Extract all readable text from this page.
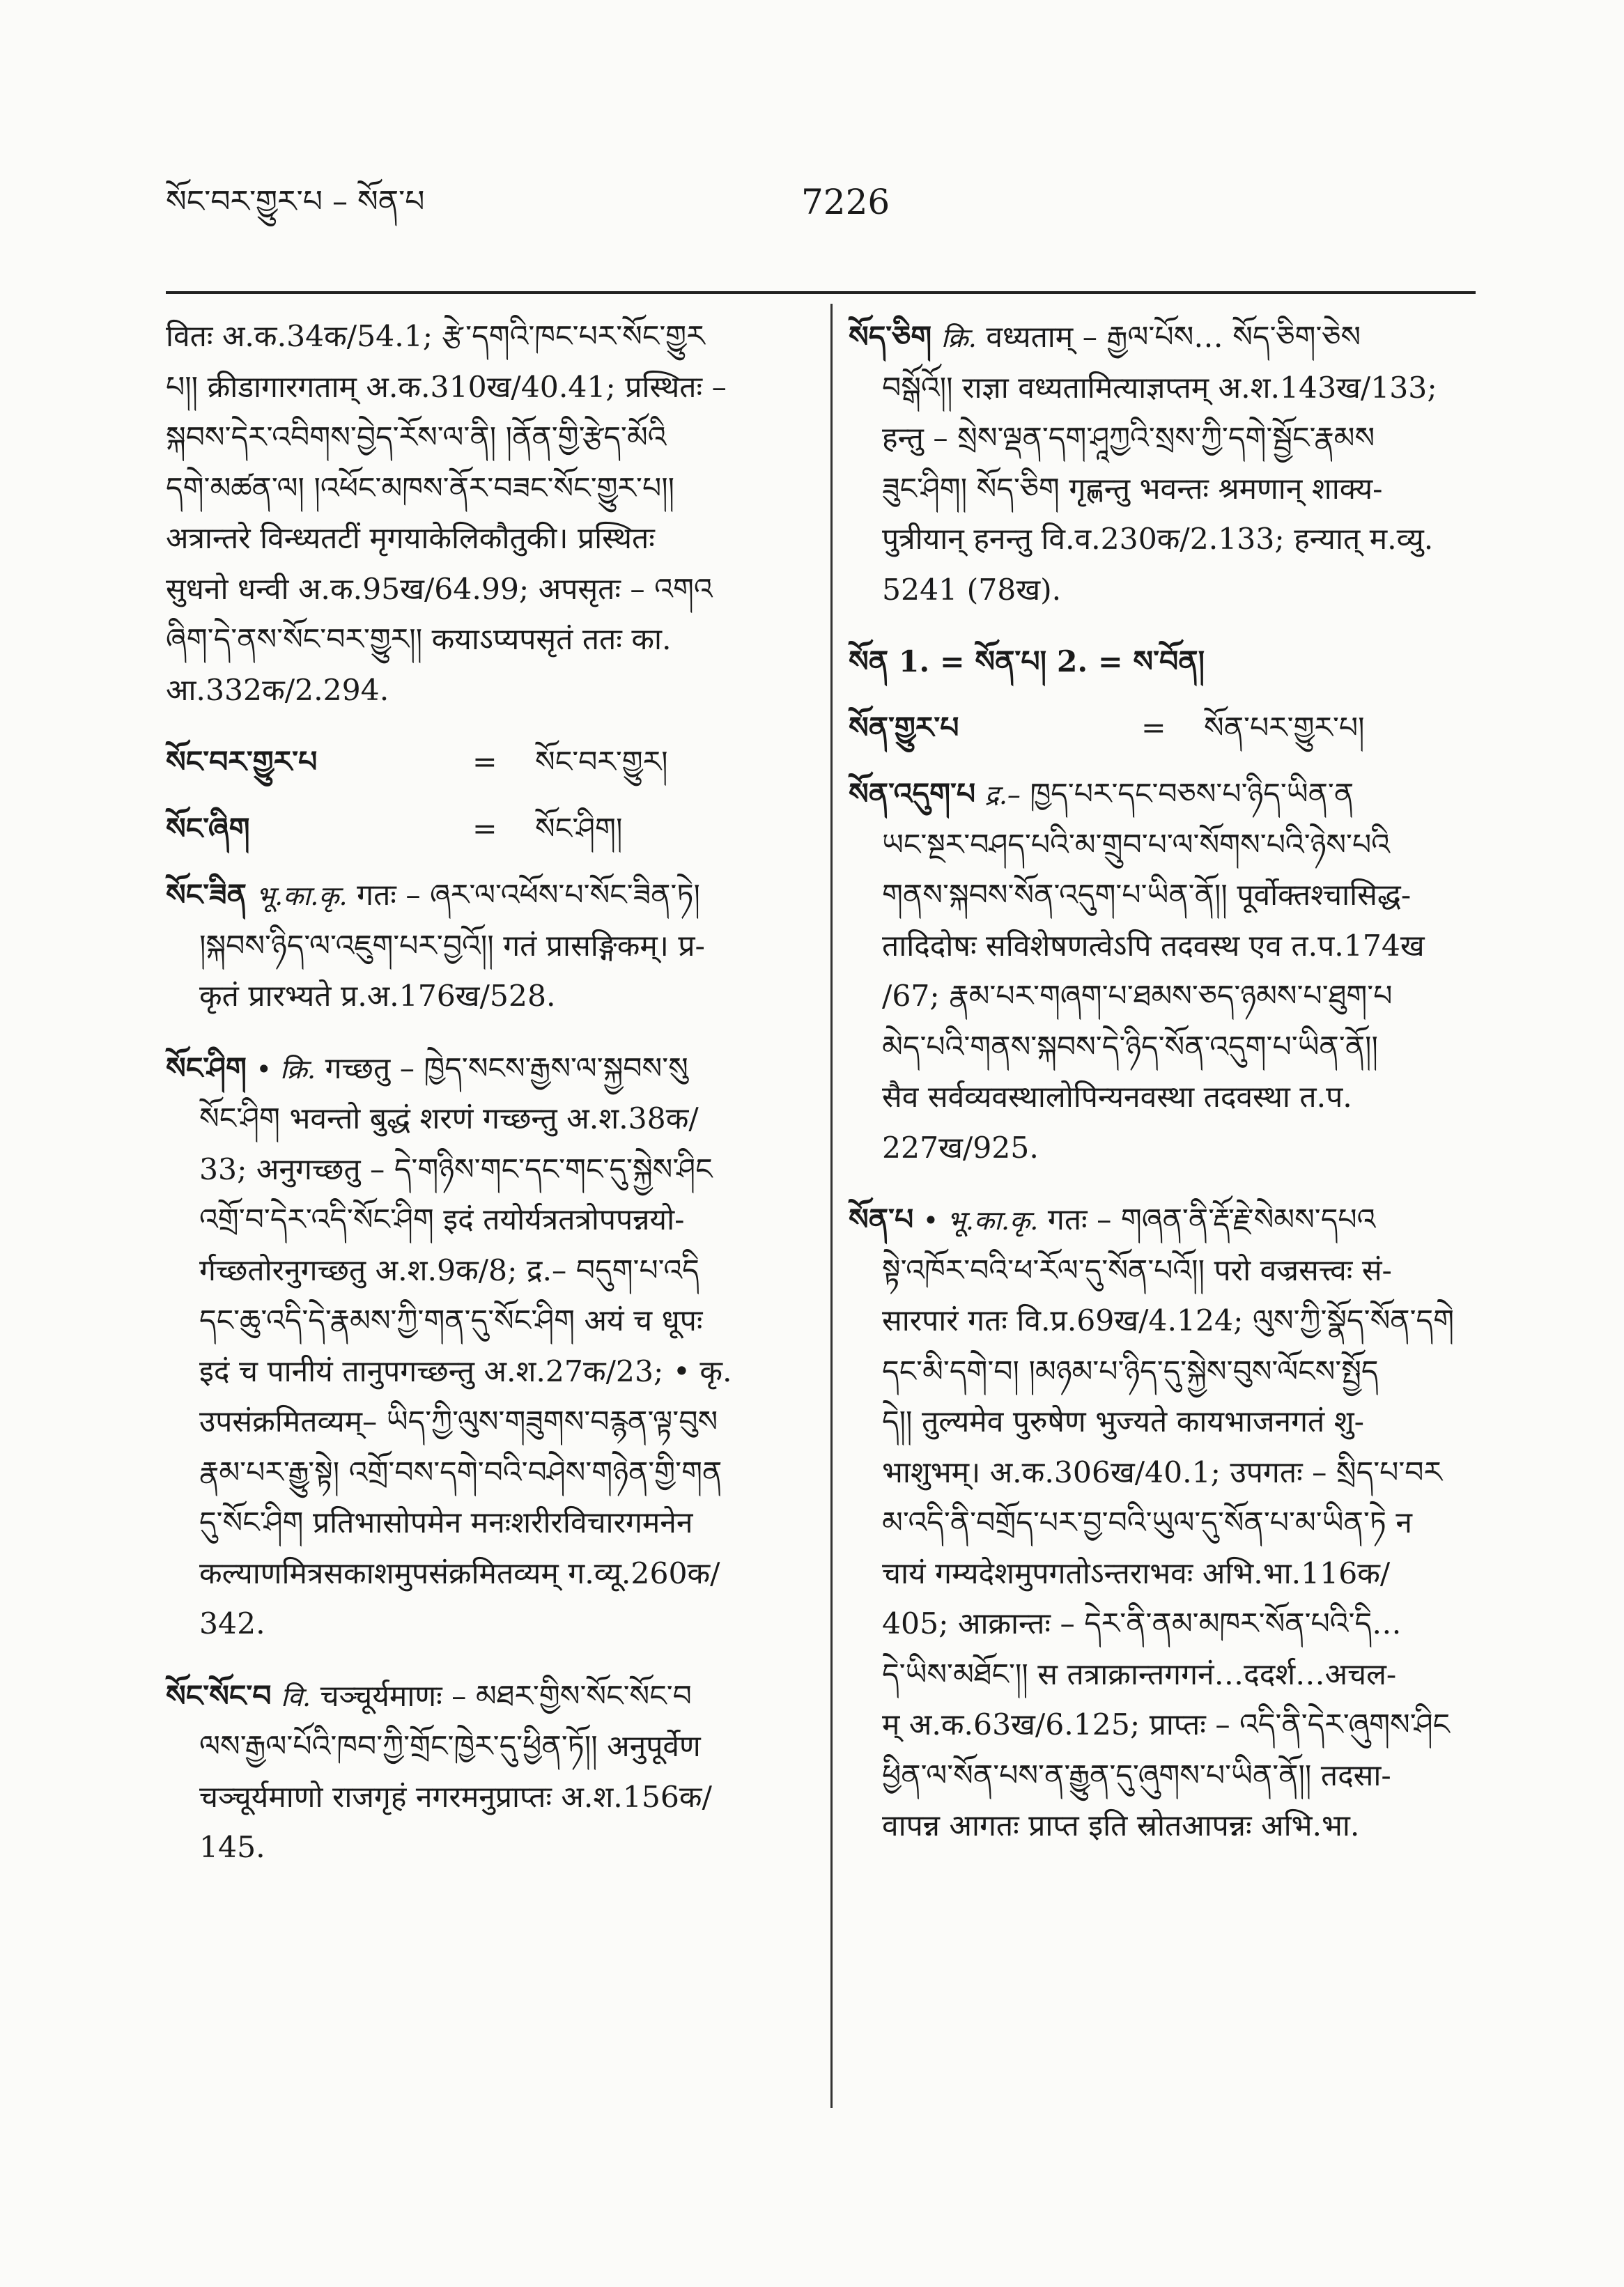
སོང་བར་གྱུར་པ – སོན་པ	7226

वितः अ.क.34क/54.1; རྩེ་དགའི་ཁང་པར་སོང་གྱུར

པ།། क्रीडागारगताम् अ.क.310ख/40.41; प्रस्थितः –

སྐབས་དེར་འབིགས་བྱེད་རོས་ལ་ནི། །ནོན་གྱི་རྩེད་མོའི

དགེ་མཚན་ལ། །འཕོང་མཁས་ནོར་བཟང་སོང་གྱུར་པ།།

अत्रान्तरे विन्ध्यतटीं मृगयाकेलिकौतुकी। प्रस्थितः

सुधनो धन्वी अ.क.95ख/64.99; अपसृतः – འགའ

ཞིག་དེ་ནས་སོང་བར་གྱུར།། कयाऽप्यपसृतं ततः का.

आ.332क/2.294.

སོང་བར་གྱུར་པ	=	སོང་བར་གྱུར།
སོང་ཞིག	=	སོང་ཤིག།

སོང་ཟིན भू.का.कृ. गतः – ཞར་ལ་འཕོས་པ་སོང་ཟིན་ཏེ།

།སྐབས་ཉིད་ལ་འཇུག་པར་བྱའོ།། गतं प्रासङ्गिकम्। प्र-

कृतं प्रारभ्यते प्र.अ.176ख/528.

སོང་ཤིག • क्रि. गच्छतु – ཁྱེད་སངས་རྒྱས་ལ་སྐྱབས་སུ

སོང་ཤིག भवन्तो बुद्धं शरणं गच्छन्तु अ.श.38क/

33; अनुगच्छतु – དེ་གཉིས་གང་དང་གང་དུ་སྐྱེས་ཤིང

འགྲོ་བ་དེར་འདི་སོང་ཤིག इदं तयोर्यत्रतत्रोपपन्नयो-

र्गच्छतोरनुगच्छतु अ.श.9क/8; द्र.– བདུག་པ་འདི

དང་ཆུ་འདི་དེ་རྣམས་ཀྱི་གན་དུ་སོང་ཤིག अयं च धूपः

इदं च पानीयं तानुपगच्छन्तु अ.श.27क/23; • कृ.

उपसंक्रमितव्यम्– ཡིད་ཀྱི་ལུས་གཟུགས་བརྙན་ལྟ་བུས

རྣམ་པར་རྒྱུ་སྟེ། འགྲོ་བས་དགེ་བའི་བཤེས་གཉེན་གྱི་གན

དུ་སོང་ཤིག प्रतिभासोपमेन मनःशरीरविचारगमनेन

कल्याणमित्रसकाशमुपसंक्रमितव्यम् ग.व्यू.260क/

342.

སོང་སོང་བ वि. चञ्चूर्यमाणः – མཐར་གྱིས་སོང་སོང་བ

ལས་རྒྱལ་པོའི་ཁབ་ཀྱི་གྲོང་ཁྱེར་དུ་ཕྱིན་ཏོ།། अनुपूर्वेण

चञ्चूर्यमाणो राजगृहं नगरमनुप्राप्तः अ.श.156क/

145.

སོད་ཅིག क्रि. वध्यताम् – རྒྱལ་པོས… སོད་ཅིག་ཅེས

བསྒོའོ།། राज्ञा वध्यतामित्याज्ञप्तम् अ.श.143ख/133;

हन्तु – སྲེས་ལྡན་དག་ཤཱཀྱའི་སྲས་ཀྱི་དགེ་སྦྱོང་རྣམས

ཟུང་ཤིག། སོད་ཅིག गृह्णन्तु भवन्तः श्रमणान् शाक्य-

पुत्रीयान् हनन्तु वि.व.230क/2.133; हन्यात् म.व्यु.

5241 (78ख).

སོན 1. = སོན་པ། 2. = ས་བོན།
སོན་གྱུར་པ	=	སོན་པར་གྱུར་པ།

སོན་འདུག་པ द्र.– ཁྱད་པར་དང་བཅས་པ་ཉིད་ཡིན་ན

ཡང་སྔར་བཤད་པའི་མ་གྲུབ་པ་ལ་སོགས་པའི་ཉེས་པའི

གནས་སྐབས་སོན་འདུག་པ་ཡིན་ནོ།། पूर्वोक्तश्चासिद्ध-

तादिदोषः सविशेषणत्वेऽपि तदवस्थ एव त.प.174ख

/67; རྣམ་པར་གཞག་པ་ཐམས་ཅད་ཉམས་པ་ཐུག་པ

མེད་པའི་གནས་སྐབས་དེ་ཉིད་སོན་འདུག་པ་ཡིན་ནོ།།

सैव सर्वव्यवस्थालोपिन्यनवस्था तदवस्था त.प.

227ख/925.

སོན་པ • भू.का.कृ. गतः – གཞན་ནི་རྡོ་རྗེ་སེམས་དཔའ

སྟེ་འཁོར་བའི་ཕ་རོལ་དུ་སོན་པའོ།། परो वज्रसत्त्वः सं-

सारपारं गतः वि.प्र.69ख/4.124; ལུས་ཀྱི་སྣོད་སོན་དགེ

དང་མི་དགེ་བ། །མཉམ་པ་ཉིད་དུ་སྐྱེས་བུས་ལོངས་སྤྱོད

དེ།། तुल्यमेव पुरुषेण भुज्यते कायभाजनगतं शु-

भाशुभम्। अ.क.306ख/40.1; उपगतः – སྲིད་པ་བར

མ་འདི་ནི་བགྲོད་པར་བྱ་བའི་ཡུལ་དུ་སོན་པ་མ་ཡིན་ཏེ न

चायं गम्यदेशमुपगतोऽन्तराभवः अभि.भा.116क/

405; आक्रान्तः – དེར་ནི་ནམ་མཁར་སོན་པའི་དི…

དེ་ཡིས་མཐོང་།། स तत्राक्रान्तगगनं…ददर्श…अचल-

म् अ.क.63ख/6.125; प्राप्तः – འདི་ནི་དེར་ཞུགས་ཤིང

ཕྱིན་ལ་སོན་པས་ན་རྒྱུན་དུ་ཞུགས་པ་ཡིན་ནོ།། तदसा-

वापन्न आगतः प्राप्त इति स्रोतआपन्नः अभि.भा.
